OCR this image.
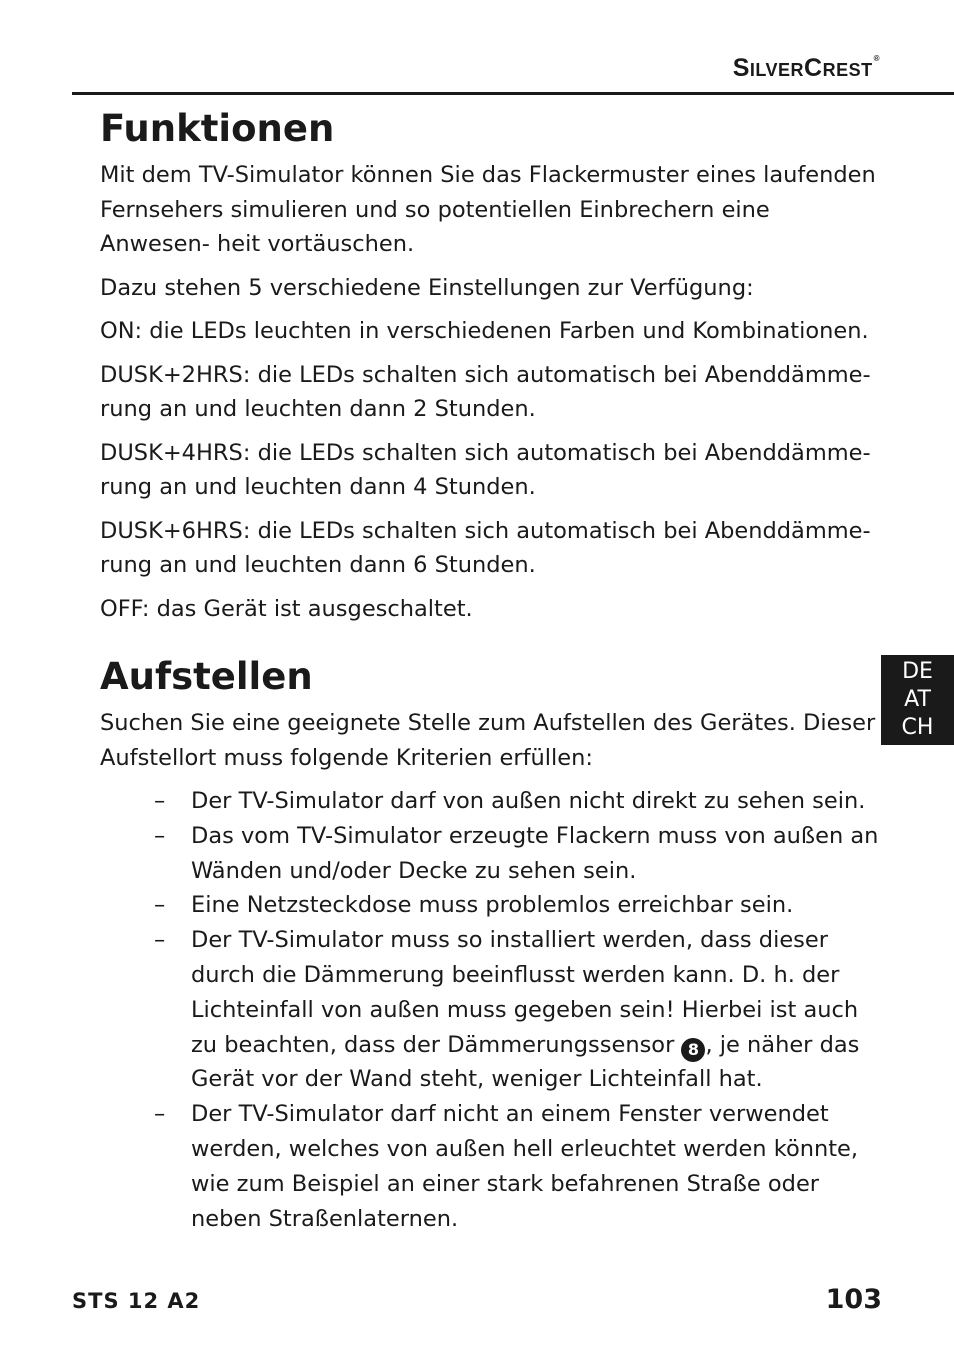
SilverCrest®
Funktionen

Mit dem TV-Simulator können Sie das Flackermuster eines laufenden Fernsehers simulieren und so potentiellen Einbrechern eine Anwesen- heit vortäuschen.

Dazu stehen 5 verschiedene Einstellungen zur Verfügung:

ON: die LEDs leuchten in verschiedenen Farben und Kombinationen.

DUSK+2HRS: die LEDs schalten sich automatisch bei Abenddämme- rung an und leuchten dann 2 Stunden.

DUSK+4HRS: die LEDs schalten sich automatisch bei Abenddämme- rung an und leuchten dann 4 Stunden.

DUSK+6HRS: die LEDs schalten sich automatisch bei Abenddämme- rung an und leuchten dann 6 Stunden.

OFF: das Gerät ist ausgeschaltet.

Aufstellen

Suchen Sie eine geeignete Stelle zum Aufstellen des Gerätes. Dieser Aufstellort muss folgende Kriterien erfüllen:

– Der TV-Simulator darf von außen nicht direkt zu sehen sein.
– Das vom TV-Simulator erzeugte Flackern muss von außen an Wänden und/oder Decke zu sehen sein.
– Eine Netzsteckdose muss problemlos erreichbar sein.
– Der TV-Simulator muss so installiert werden, dass dieser durch die Dämmerung beeinflusst werden kann. D. h. der Lichteinfall von außen muss gegeben sein! Hierbei ist auch zu beachten, dass der Dämmerungssensor 8 , je näher das Gerät vor der Wand steht, weniger Lichteinfall hat.
– Der TV-Simulator darf nicht an einem Fenster verwendet werden, welches von außen hell erleuchtet werden könnte, wie zum Beispiel an einer stark befahrenen Straße oder neben Straßenlaternen.
DE
AT
CH
STS 12 A2	103
